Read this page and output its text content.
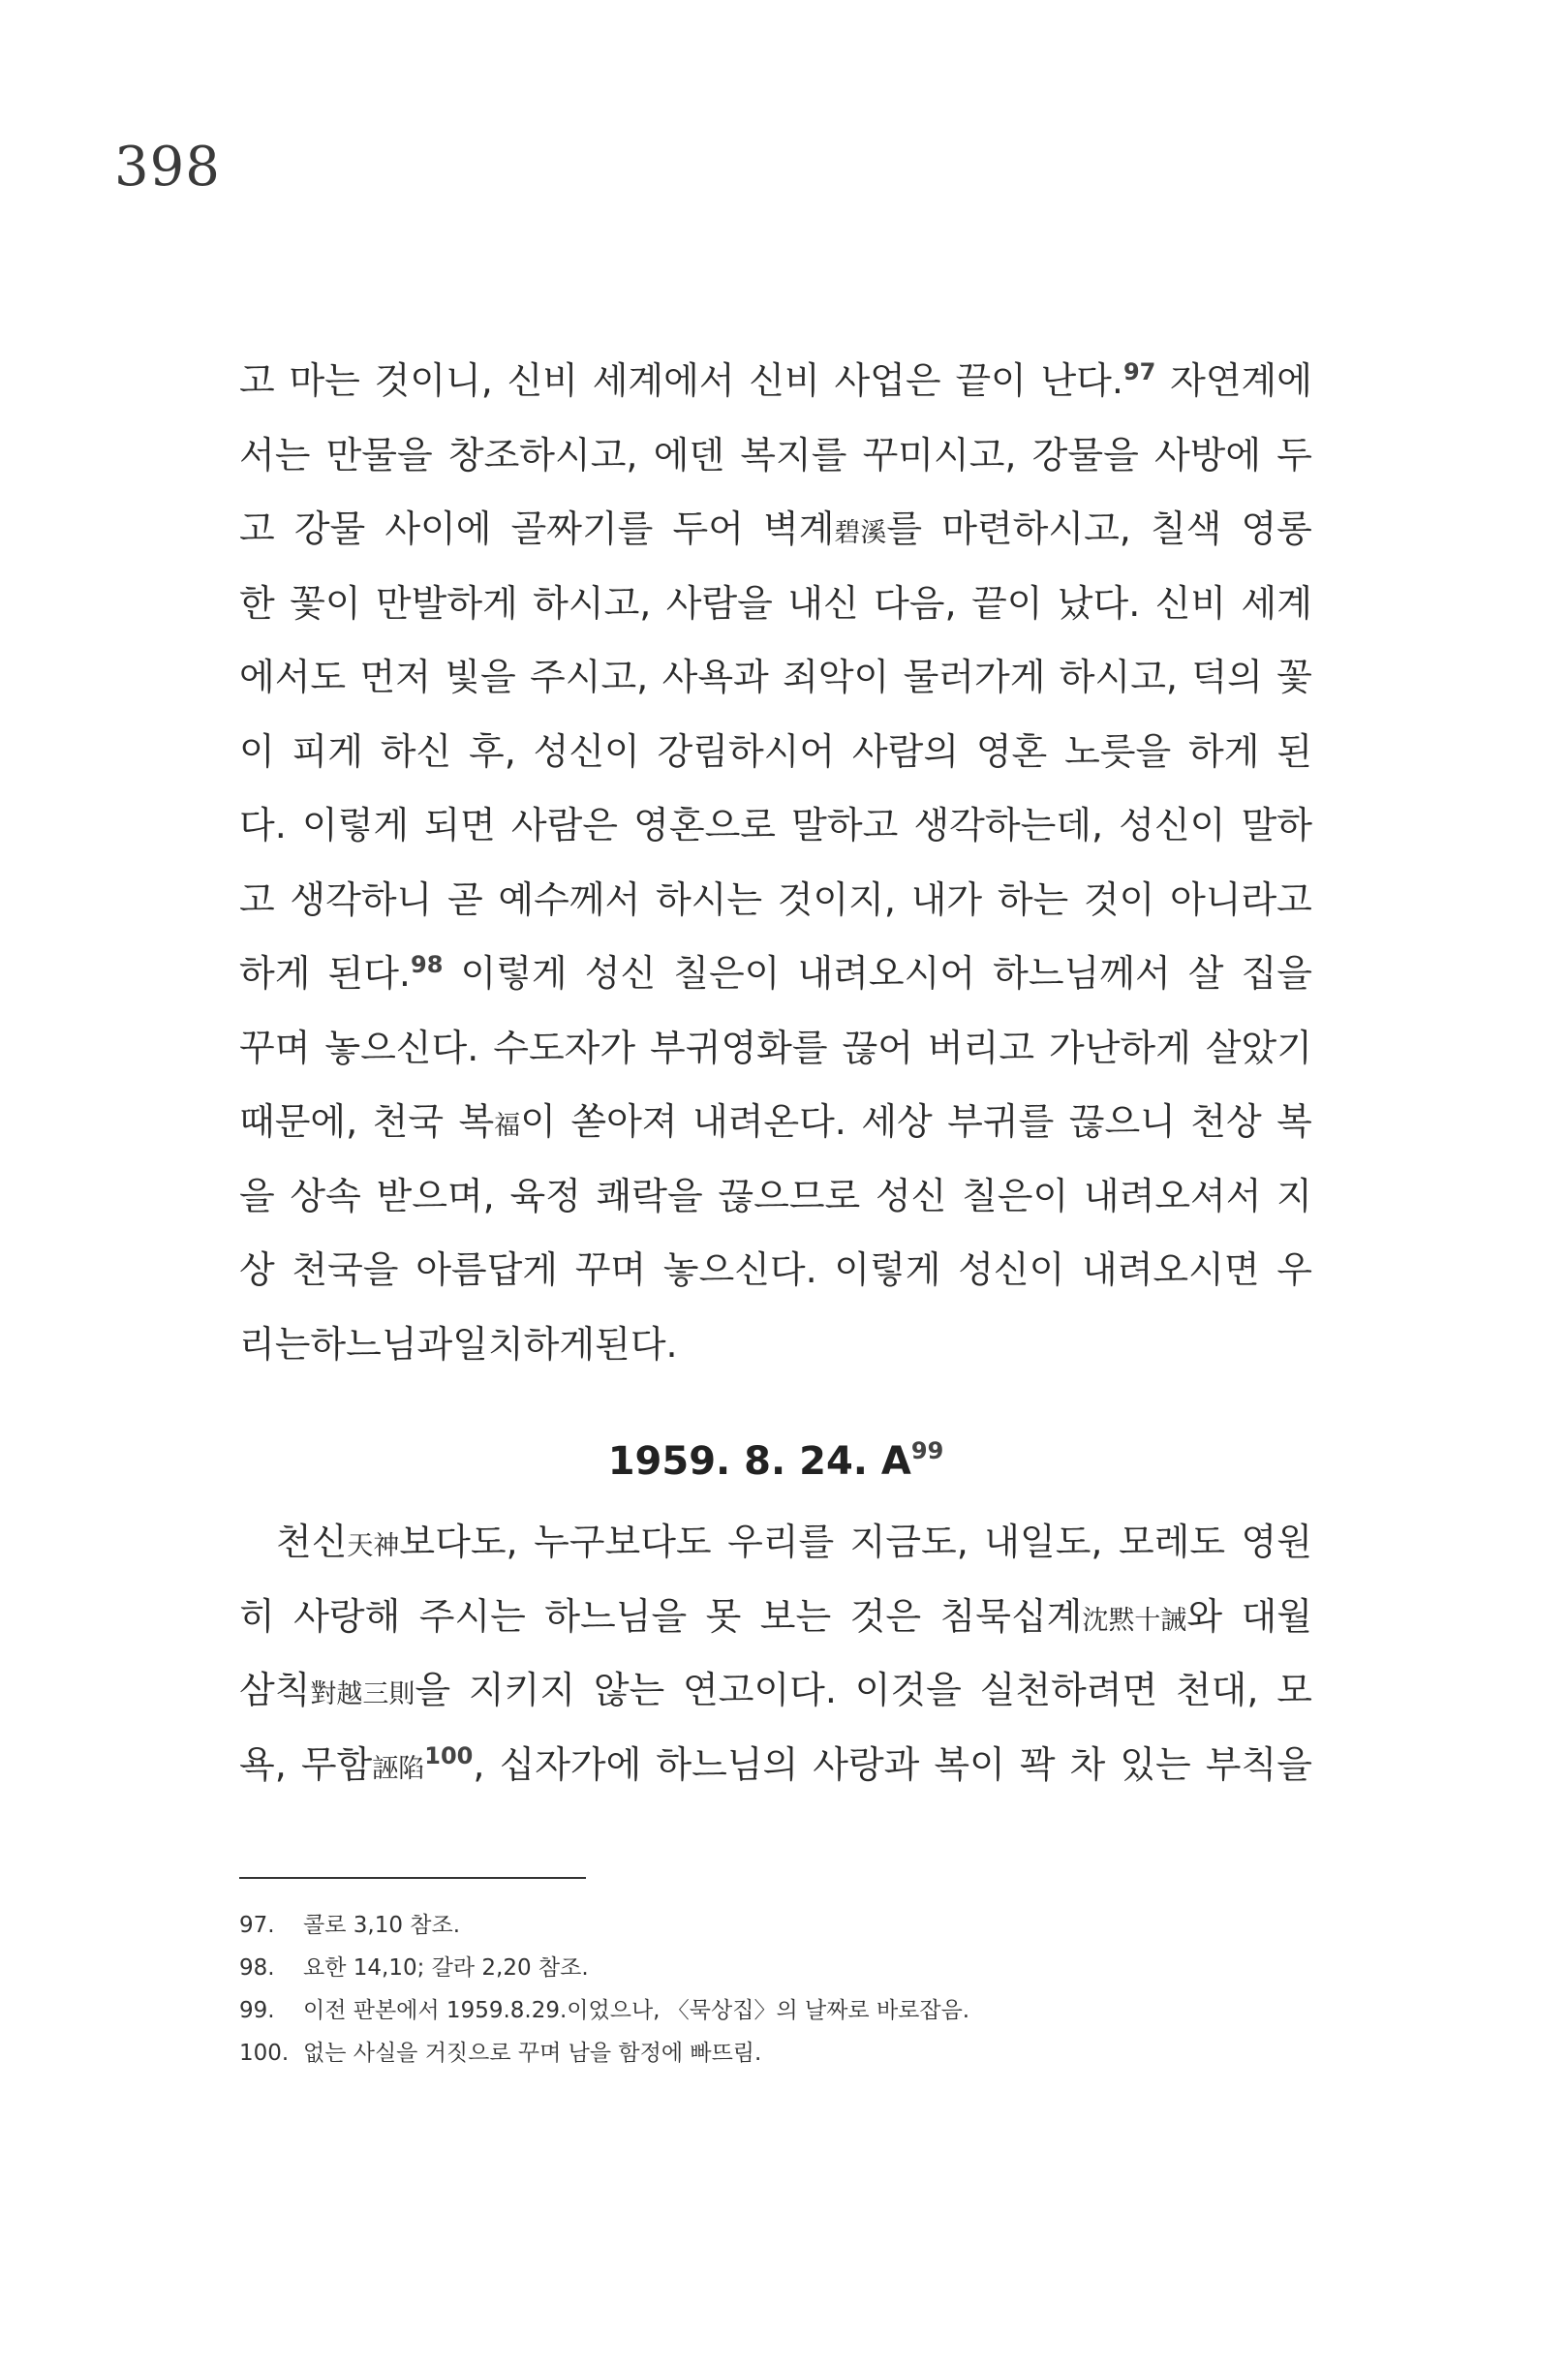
398
고 마는 것이니, 신비 세계에서 신비 사업은 끝이 난다.$^{97}$ 자연계에
서는 만물을 창조하시고, 에덴 복지를 꾸미시고, 강물을 사방에 두
고 강물 사이에 골짜기를 두어 벽계碧溪를 마련하시고, 칠색 영롱
한 꽃이 만발하게 하시고, 사람을 내신 다음, 끝이 났다. 신비 세계
에서도 먼저 빛을 주시고, 사욕과 죄악이 물러가게 하시고, 덕의 꽃
이 피게 하신 후, 성신이 강림하시어 사람의 영혼 노릇을 하게 된
다. 이렇게 되면 사람은 영혼으로 말하고 생각하는데, 성신이 말하
고 생각하니 곧 예수께서 하시는 것이지, 내가 하는 것이 아니라고
하게 된다.$^{98}$ 이렇게 성신 칠은이 내려오시어 하느님께서 살 집을
꾸며 놓으신다. 수도자가 부귀영화를 끊어 버리고 가난하게 살았기
때문에, 천국 복福이 쏟아져 내려온다. 세상 부귀를 끊으니 천상 복
을 상속 받으며, 육정 쾌락을 끊으므로 성신 칠은이 내려오셔서 지
상 천국을 아름답게 꾸며 놓으신다. 이렇게 성신이 내려오시면 우
리는 하느님과 일치하게 된다.
1959. 8. 24. A$^{99}$
천신天神보다도, 누구보다도 우리를 지금도, 내일도, 모레도 영원
히 사랑해 주시는 하느님을 못 보는 것은 침묵십계沈黙十誡와 대월
삼칙對越三則을 지키지 않는 연고이다. 이것을 실천하려면 천대, 모
욕, 무함誣陷$^{100}$, 십자가에 하느님의 사랑과 복이 꽉 차 있는 부칙을
97.	콜로 3,10 참조.
98.	요한 14,10; 갈라 2,20 참조.
99.	이전 판본에서 1959.8.29.이었으나, 〈묵상집〉의 날짜로 바로잡음.
100. 없는 사실을 거짓으로 꾸며 남을 함정에 빠뜨림.
